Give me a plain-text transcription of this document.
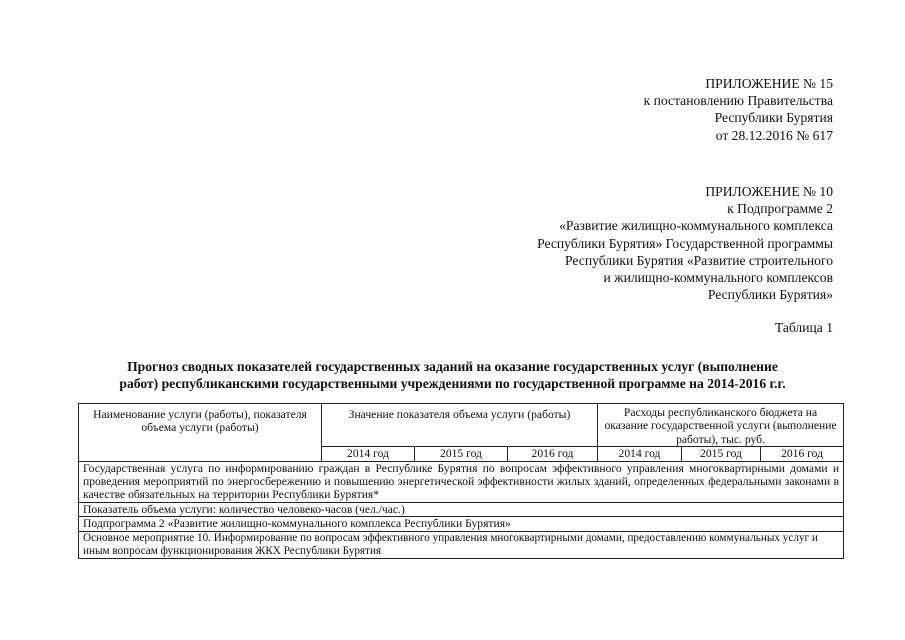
ПРИЛОЖЕНИЕ № 15
к постановлению Правительства
Республики Бурятия
от 28.12.2016 № 617
ПРИЛОЖЕНИЕ № 10
к Подпрограмме 2
«Развитие жилищно-коммунального комплекса
Республики Бурятия» Государственной программы
Республики Бурятия «Развитие строительного
и жилищно-коммунального комплексов
Республики Бурятия»
Таблица 1
Прогноз сводных показателей государственных заданий на оказание государственных услуг (выполнение
работ) республиканскими государственными учреждениями по государственной программе на 2014-2016 г.г.
Наименование услуги (работы), показателя объема услуги (работы)	Значение показателя объема услуги (работы)			Расходы республиканского бюджета на оказание государственной услуги (выполнение работы), тыс. руб.		
	2014 год	2015 год	2016 год	2014 год	2015 год	2016 год
Государственная услуга по информированию граждан в Республике Бурятия по вопросам эффективного управления многоквартирными домами и проведения мероприятий по энергосбережению и повышению энергетической эффективности жилых зданий, определенных федеральными законами в качестве обязательных на территории Республики Бурятия*						
Показатель объема услуги: количество человеко-часов (чел./час.)						
Подпрограмма 2 «Развитие жилищно-коммунального комплекса Республики Бурятия»						
Основное мероприятие 10. Информирование по вопросам эффективного управления многоквартирными домами, предоставлению коммунальных услуг и иным вопросам функционирования ЖКХ Республики Бурятия						
